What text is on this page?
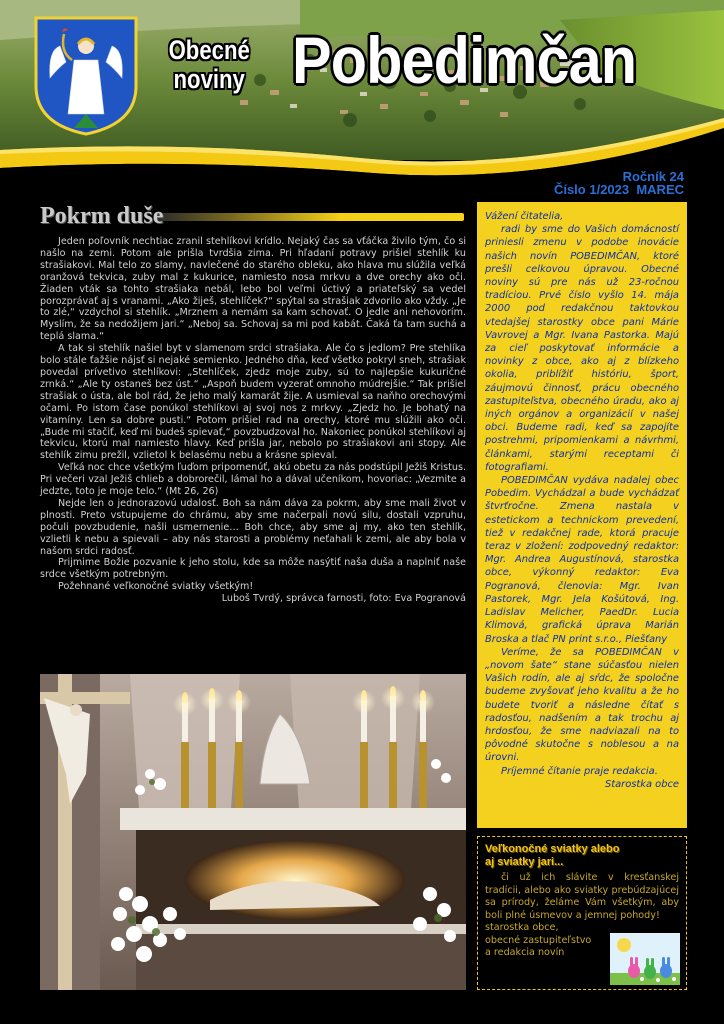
Obecné
noviny Pobedimčan
Ročník 24
Číslo 1/2023  MAREC
Pokrm duše

Jeden poľovník nechtiac zranil stehlíkovi krídlo. Nejaký čas sa vťáčka živilo tým, čo si našlo na zemi. Potom ale prišla tvrdšia zima. Pri hľadaní potravy prišiel stehlík ku strašiakovi. Mal telo zo slamy, navlečené do starého obleku, ako hlava mu slúžila veľká oranžová tekvica, zuby mal z kukurice, namiesto nosa mrkvu a dve orechy ako oči. Žiaden vták sa tohto strašiaka nebál, lebo bol veľmi úctivý a priateľský sa vedel porozprávať aj s vranami. „Ako žiješ, stehlíček?“ spýtal sa strašiak zdvorilo ako vždy. „Je to zlé,“ vzdychol si stehlík. „Mrznem a nemám sa kam schovať. O jedle ani nehovorím. Myslím, že sa nedožijem jari.“ „Neboj sa. Schovaj sa mi pod kabát. Čaká ťa tam suchá a teplá slama.“

A tak si stehlík našiel byt v slamenom srdci strašiaka. Ale čo s jedlom? Pre stehlíka bolo stále ťažšie nájsť si nejaké semienko. Jedného dňa, keď všetko pokryl sneh, strašiak povedal prívetivo stehlíkovi: „Stehlíček, zjedz moje zuby, sú to najlepšie kukuričné zrnká.“ „Ale ty ostaneš bez úst.“ „Aspoň budem vyzerať omnoho múdrejšie.“ Tak prišiel strašiak o ústa, ale bol rád, že jeho malý kamarát žije. A usmieval sa naňho orechovými očami. Po istom čase ponúkol stehlíkovi aj svoj nos z mrkvy. „Zjedz ho. Je bohatý na vitamíny. Len sa dobre pusti.“ Potom prišiel rad na orechy, ktoré mu slúžili ako oči. „Bude mi stačiť, keď mi budeš spievať,“ povzbudzoval ho. Nakoniec ponúkol stehlíkovi aj tekvicu, ktorú mal namiesto hlavy. Keď prišla jar, nebolo po strašiakovi ani stopy. Ale stehlík zimu prežil, vzlietol k belasému nebu a krásne spieval.

Veľká noc chce všetkým ľuďom pripomenúť, akú obetu za nás podstúpil Ježiš Kristus. Pri večeri vzal Ježiš chlieb a dobrorečil, lámal ho a dával učeníkom, hovoriac: „Vezmite a jedzte, toto je moje telo.“ (Mt 26, 26)

Nejde len o jednorazovú udalosť. Boh sa nám dáva za pokrm, aby sme mali život v plnosti. Preto vstupujeme do chrámu, aby sme načerpali novú silu, dostali vzpruhu, počuli povzbudenie, našli usmernenie… Boh chce, aby sme aj my, ako ten stehlík, vzlietli k nebu a spievali – aby nás starosti a problémy neťahali k zemi, ale aby bola v našom srdci radosť.

Prijmime Božie pozvanie k jeho stolu, kde sa môže nasýtiť naša duša a naplniť naše srdce všetkým potrebným.

Požehnané veľkonočné sviatky všetkým!

Luboš Tvrdý, správca farnosti, foto: Eva Pogranová

Vážení čitatelia,

radi by sme do Vašich domácností priniesli zmenu v podobe inovácie našich novín POBEDIMČAN, ktoré prešli celkovou úpravou. Obecné noviny sú pre nás už 23-ročnou tradíciou. Prvé číslo vyšlo 14. mája 2000 pod redakčnou taktovkou vtedajšej starostky obce pani Márie Vavrovej a Mgr. Ivana Pastorka. Majú za cieľ poskytovať informácie a novinky z obce, ako aj z blízkeho okolia, priblížiť históriu, šport, záujmovú činnosť, prácu obecného zastupiteľstva, obecného úradu, ako aj iných orgánov a organizácií v našej obci. Budeme radi, keď sa zapojíte postrehmi, pripomienkami a návrhmi, článkami, starými receptami či fotografiami.

POBEDIMČAN vydáva nadalej obec Pobedim. Vychádzal a bude vychádzať štvrťročne. Zmena nastala v estetickom a technickom prevedení, tiež v redakčnej rade, ktorá pracuje teraz v zložení: zodpovedný redaktor: Mgr. Andrea Augustínová, starostka obce, výkonný redaktor: Eva Pogranová, členovia: Mgr. Ivan Pastorek, Mgr. Jela Košútová, Ing. Ladislav Melicher, PaedDr. Lucia Klimová, grafická úprava Marián Broska a tlač PN print s.r.o., Piešťany

Veríme, že sa POBEDIMČAN v „novom šate“ stane súčasťou nielen Vašich rodín, ale aj sŕdc, že spoločne budeme zvyšovať jeho kvalitu a že ho budete tvoriť a následne čítať s radosťou, nadšením a tak trochu aj hrdosťou, že sme nadviazali na to pôvodné skutočne s noblesou a na úrovni.

Príjemné čítanie praje redakcia.

Starostka obce

Veľkonočné sviatky alebo aj sviatky jari...

či už ich slávite v kresťanskej tradícii, alebo ako sviatky prebúdzajúcej sa prírody, želáme Vám všetkým, aby boli plné úsmevov a jemnej pohody!

starostka obce,
obecné zastupiteľstvo
a redakcia novín
